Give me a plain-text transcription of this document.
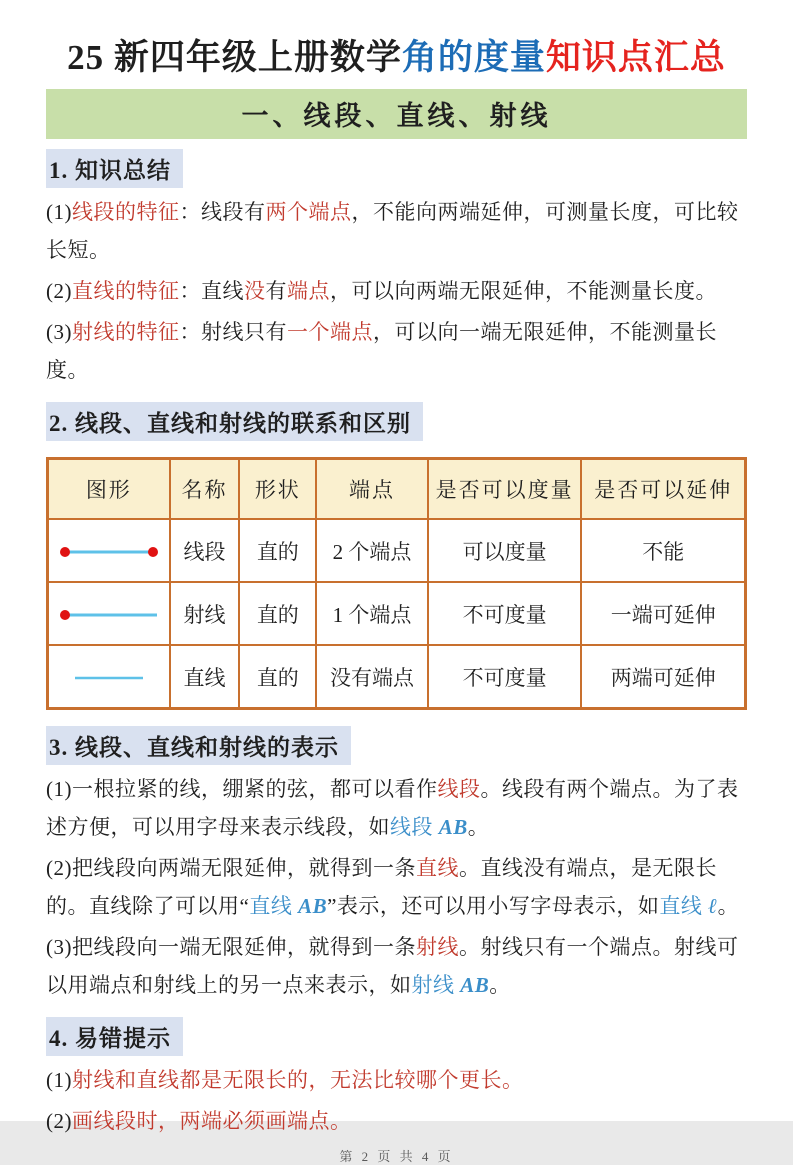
25 新四年级上册数学角的度量知识点汇总
一、线段、直线、射线
1. 知识总结
(1)线段的特征：线段有两个端点，不能向两端延伸，可测量长度，可比较长短。
(2)直线的特征：直线没有端点，可以向两端无限延伸，不能测量长度。
(3)射线的特征：射线只有一个端点，可以向一端无限延伸，不能测量长度。
2. 线段、直线和射线的联系和区别
图形	名称	形状	端点	是否可以度量	是否可以延伸
	线段	直的	2 个端点	可以度量	不能
	射线	直的	1 个端点	不可度量	一端可延伸
	直线	直的	没有端点	不可度量	两端可延伸
3. 线段、直线和射线的表示
(1)一根拉紧的线，绷紧的弦，都可以看作线段。线段有两个端点。为了表述方便，可以用字母来表示线段，如线段 AB。
(2)把线段向两端无限延伸，就得到一条直线。直线没有端点，是无限长的。直线除了可以用“直线 AB”表示，还可以用小写字母表示，如直线 ℓ。
(3)把线段向一端无限延伸，就得到一条射线。射线只有一个端点。射线可以用端点和射线上的另一点来表示，如射线 AB。
4. 易错提示
(1)射线和直线都是无限长的，无法比较哪个更长。
(2)画线段时，两端必须画端点。
第 2 页 共 4 页
